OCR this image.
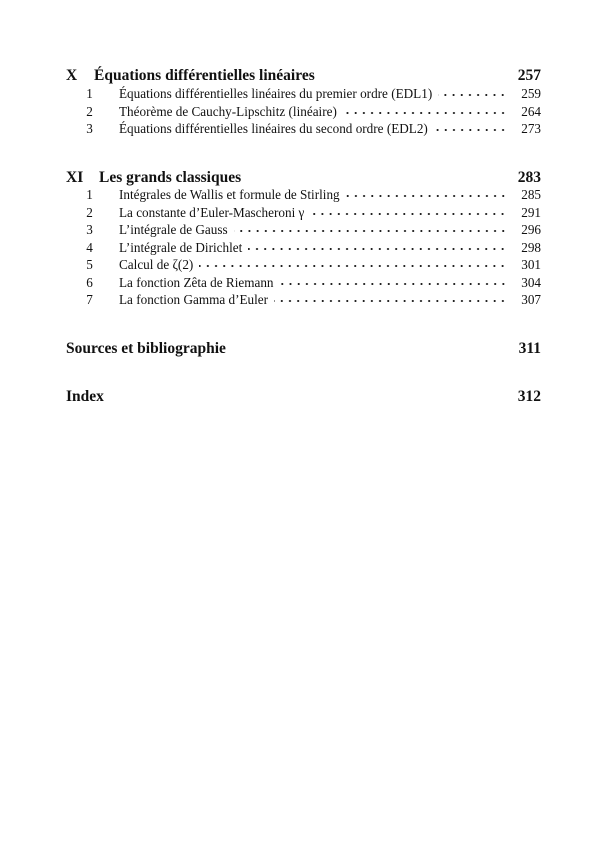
X	Équations différentielles linéaires	257
1	Équations différentielles linéaires du premier ordre (EDL1)	259
2	Théorème de Cauchy-Lipschitz (linéaire)	264
3	Équations différentielles linéaires du second ordre (EDL2)	273
XI	Les grands classiques	283
1	Intégrales de Wallis et formule de Stirling	285
2	La constante d’Euler-Mascheroni γ	291
3	L’intégrale de Gauss	296
4	L’intégrale de Dirichlet	298
5	Calcul de ζ(2)	301
6	La fonction Zêta de Riemann	304
7	La fonction Gamma d’Euler	307
Sources et bibliographie	311
Index	312
